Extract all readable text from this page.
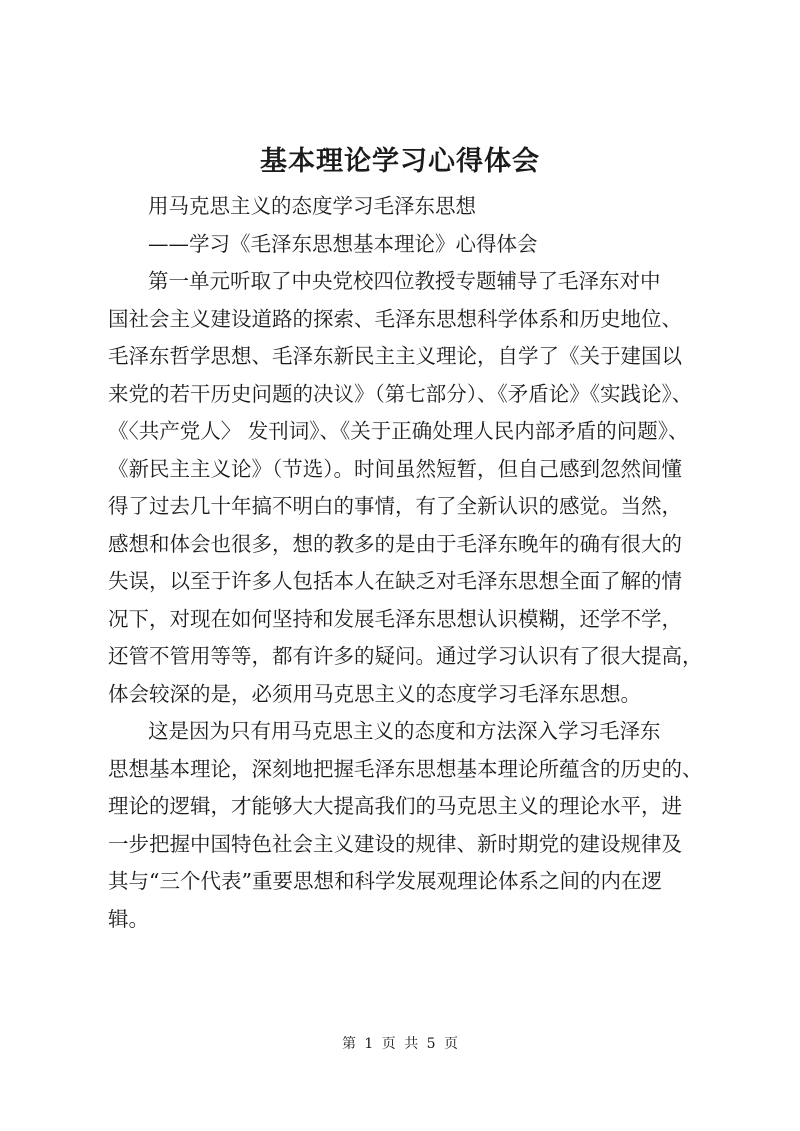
基本理论学习心得体会
用马克思主义的态度学习毛泽东思想
——学习《毛泽东思想基本理论》心得体会
第一单元听取了中央党校四位教授专题辅导了毛泽东对中
国社会主义建设道路的探索、毛泽东思想科学体系和历史地位、
毛泽东哲学思想、毛泽东新民主主义理论，自学了《关于建国以
来党的若干历史问题的决议》（第七部分）、《矛盾论》《实践论》、
《〈共产党人〉 发刊词》、《关于正确处理人民内部矛盾的问题》、
《新民主主义论》（节选）。时间虽然短暂，但自己感到忽然间懂
得了过去几十年搞不明白的事情，有了全新认识的感觉。当然，
感想和体会也很多，想的教多的是由于毛泽东晚年的确有很大的
失误，以至于许多人包括本人在缺乏对毛泽东思想全面了解的情
况下，对现在如何坚持和发展毛泽东思想认识模糊，还学不学，
还管不管用等等，都有许多的疑问。通过学习认识有了很大提高，
体会较深的是，必须用马克思主义的态度学习毛泽东思想。
这是因为只有用马克思主义的态度和方法深入学习毛泽东
思想基本理论，深刻地把握毛泽东思想基本理论所蕴含的历史的、
理论的逻辑，才能够大大提高我们的马克思主义的理论水平，进
一步把握中国特色社会主义建设的规律、新时期党的建设规律及
其与“三个代表”重要思想和科学发展观理论体系之间的内在逻
辑。
第 1 页 共 5 页
